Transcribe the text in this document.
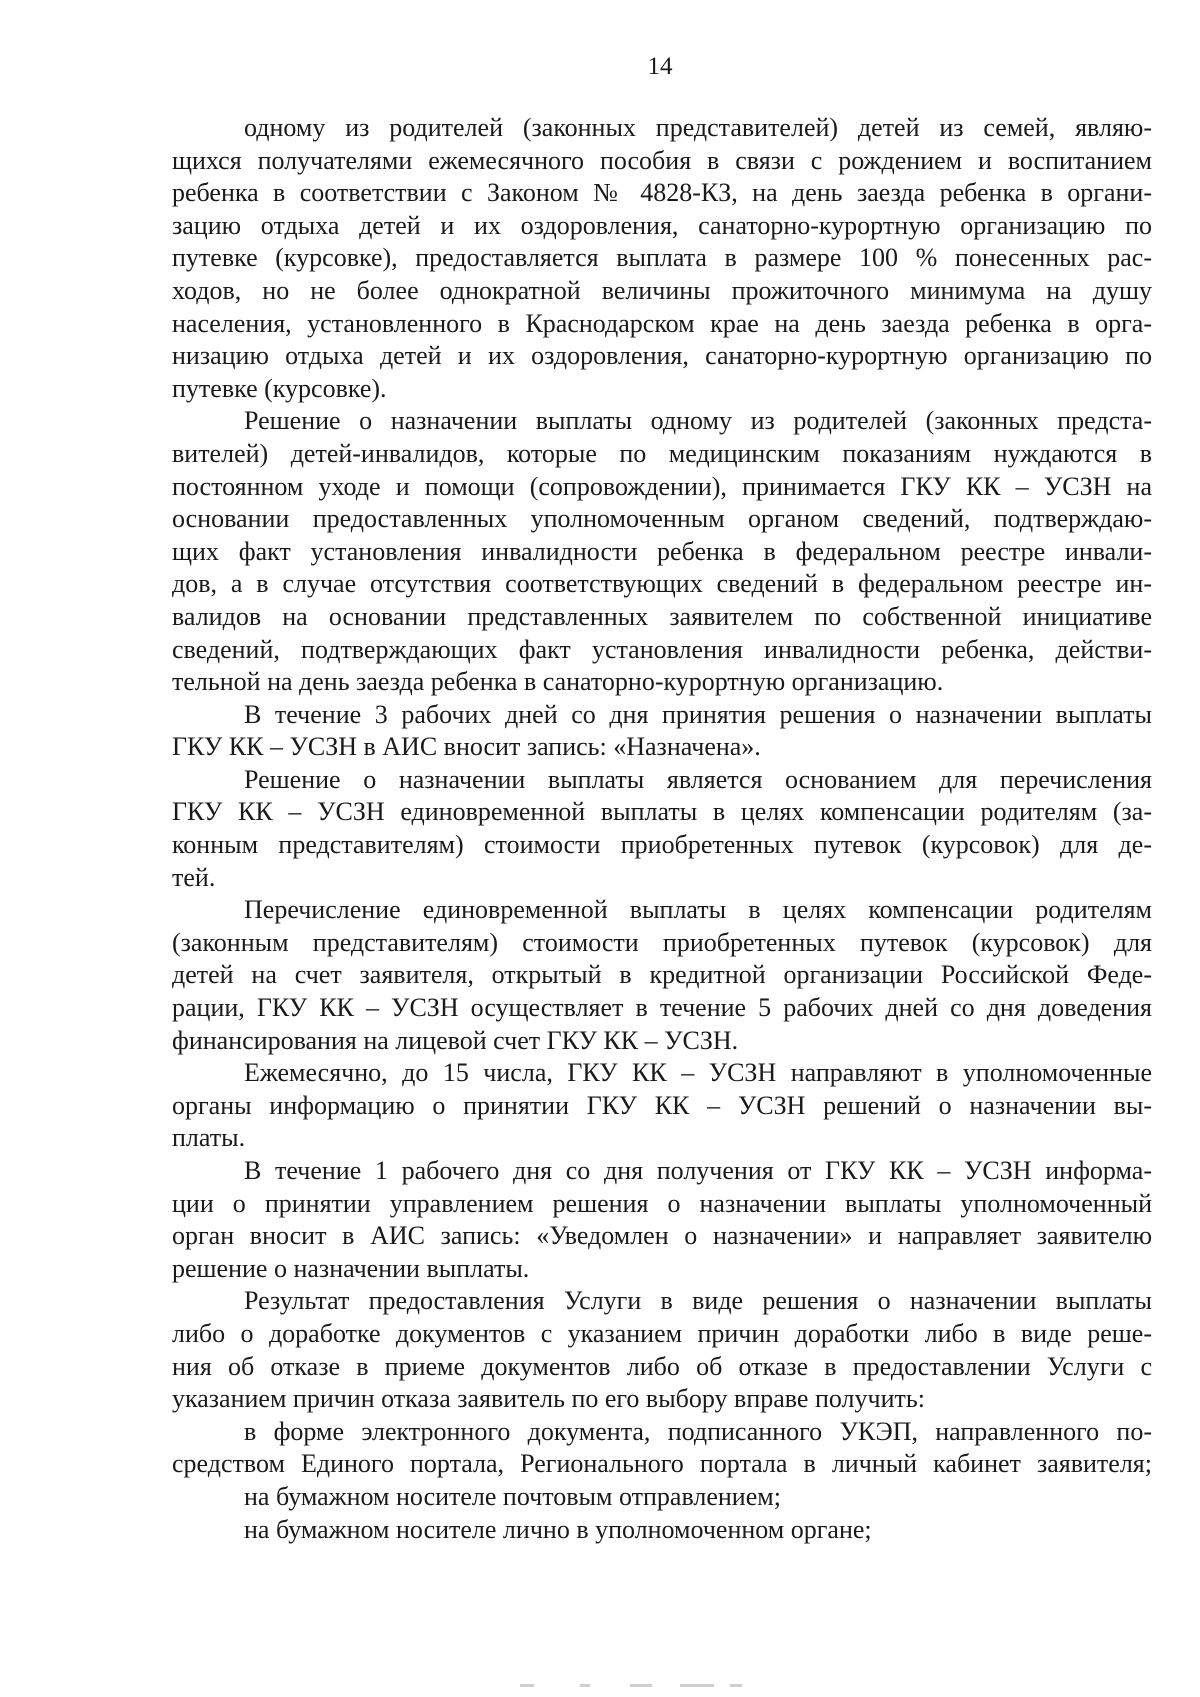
14
одному из родителей (законных представителей) детей из семей, являю-
щихся получателями ежемесячного пособия в связи с рождением и воспитанием
ребенка в соответствии с Законом № 4828-КЗ, на день заезда ребенка в органи-
зацию отдыха детей и их оздоровления, санаторно-курортную организацию по
путевке (курсовке), предоставляется выплата в размере 100 % понесенных рас-
ходов, но не более однократной величины прожиточного минимума на душу
населения, установленного в Краснодарском крае на день заезда ребенка в орга-
низацию отдыха детей и их оздоровления, санаторно-курортную организацию по
путевке (курсовке).
Решение о назначении выплаты одному из родителей (законных предста-
вителей) детей-инвалидов, которые по медицинским показаниям нуждаются в
постоянном уходе и помощи (сопровождении), принимается ГКУ КК – УСЗН на
основании предоставленных уполномоченным органом сведений, подтверждаю-
щих факт установления инвалидности ребенка в федеральном реестре инвали-
дов, а в случае отсутствия соответствующих сведений в федеральном реестре ин-
валидов на основании представленных заявителем по собственной инициативе
сведений, подтверждающих факт установления инвалидности ребенка, действи-
тельной на день заезда ребенка в санаторно-курортную организацию.
В течение 3 рабочих дней со дня принятия решения о назначении выплаты
ГКУ КК – УСЗН в АИС вносит запись: «Назначена».
Решение о назначении выплаты является основанием для перечисления
ГКУ КК – УСЗН единовременной выплаты в целях компенсации родителям (за-
конным представителям) стоимости приобретенных путевок (курсовок) для де-
тей.
Перечисление единовременной выплаты в целях компенсации родителям
(законным представителям) стоимости приобретенных путевок (курсовок) для
детей на счет заявителя, открытый в кредитной организации Российской Феде-
рации, ГКУ КК – УСЗН осуществляет в течение 5 рабочих дней со дня доведения
финансирования на лицевой счет ГКУ КК – УСЗН.
Ежемесячно, до 15 числа, ГКУ КК – УСЗН направляют в уполномоченные
органы информацию о принятии ГКУ КК – УСЗН решений о назначении вы-
платы.
В течение 1 рабочего дня со дня получения от ГКУ КК – УСЗН информа-
ции о принятии управлением решения о назначении выплаты уполномоченный
орган вносит в АИС запись: «Уведомлен о назначении» и направляет заявителю
решение о назначении выплаты.
Результат предоставления Услуги в виде решения о назначении выплаты
либо о доработке документов с указанием причин доработки либо в виде реше-
ния об отказе в приеме документов либо об отказе в предоставлении Услуги с
указанием причин отказа заявитель по его выбору вправе получить:
в форме электронного документа, подписанного УКЭП, направленного по-
средством Единого портала, Регионального портала в личный кабинет заявителя;
на бумажном носителе почтовым отправлением;
на бумажном носителе лично в уполномоченном органе;
